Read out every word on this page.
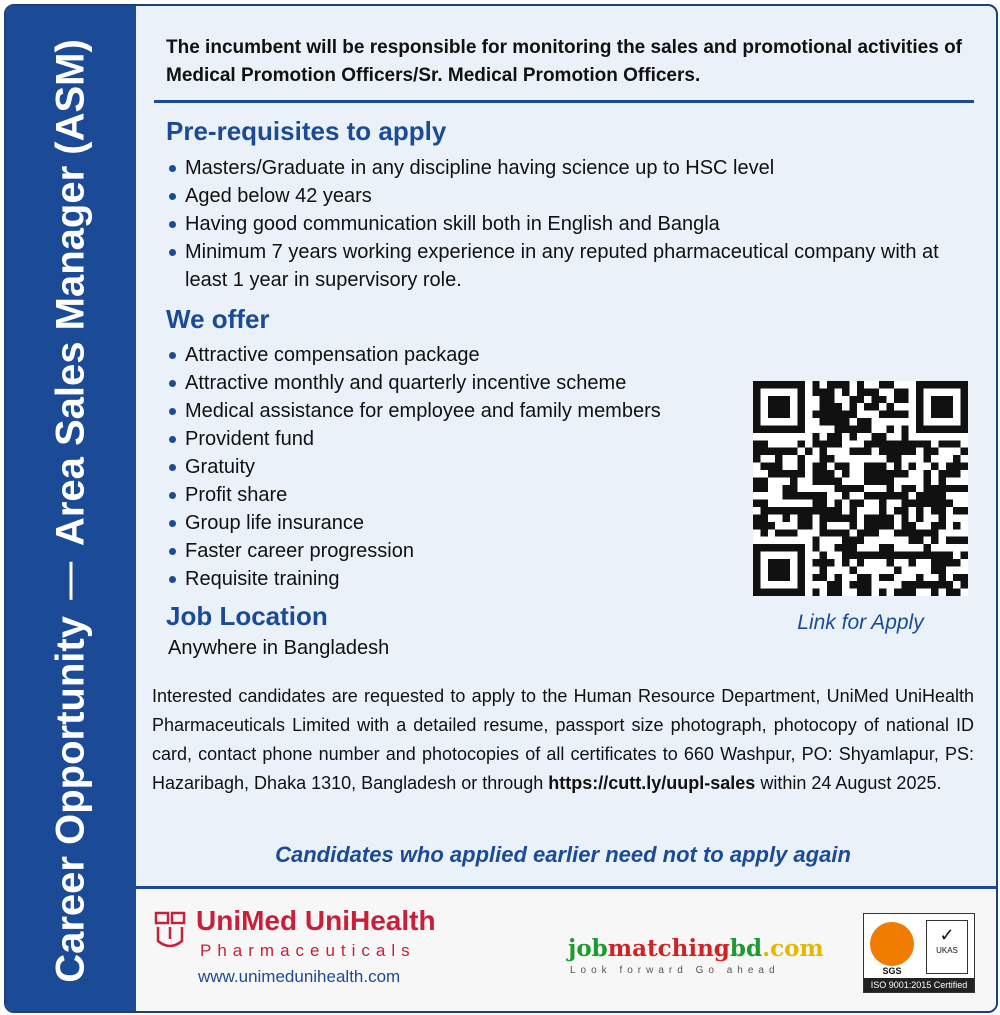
Career Opportunity
Area Sales Manager (ASM)	The incumbent will be responsible for monitoring the sales and promotional activities of Medical Promotion Officers/Sr. Medical Promotion Officers.
Pre-requisites to apply
Masters/Graduate in any discipline having science up to HSC level
Aged below 42 years
Having good communication skill both in English and Bangla
Minimum 7 years working experience in any reputed pharmaceutical company with at least 1 year in supervisory role.
We offer
Attractive compensation package
Attractive monthly and quarterly incentive scheme
Medical assistance for employee and family members
Provident fund
Gratuity
Profit share
Group life insurance
Faster career progression
Requisite training
Job Location
Anywhere in Bangladesh
Link for Apply
Interested candidates are requested to apply to the Human Resource Department, UniMed UniHealth Pharmaceuticals Limited with a detailed resume, passport size photograph, photocopy of national ID card, contact phone number and photocopies of all certificates to 660 Washpur, PO: Shyamlapur, PS: Hazaribagh, Dhaka 1310, Bangladesh or through https://cutt.ly/uupl-sales within 24 August 2025.
Candidates who applied earlier need not to apply again
UniMed UniHealth
Pharmaceuticals
www.unimedunihealth.com
jobmatchingbd.com
Look forward Go ahead	SGS
✓
UKAS
ISO 9001:2015 Certified
